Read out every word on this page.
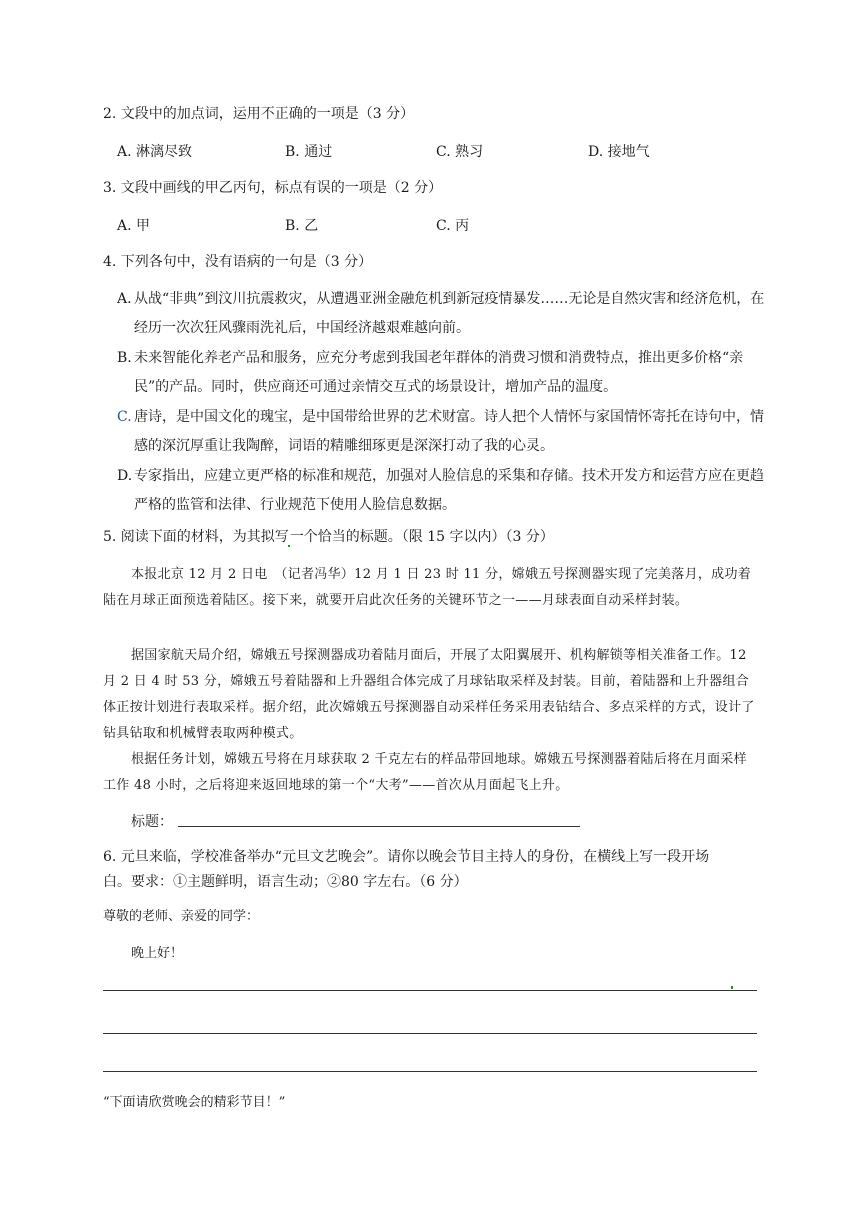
2. 文段中的加点词，运用不正确的一项是（3 分）
A. 淋漓尽致	B. 通过	C. 熟习	D. 接地气
3. 文段中画线的甲乙丙句，标点有误的一项是（2 分）
A. 甲	B. 乙	C. 丙
4. 下列各句中，没有语病的一句是（3 分）
A. 从战“非典”到汶川抗震救灾，从遭遇亚洲金融危机到新冠疫情暴发……无论是自然灾害和经济危机，在经历一次次狂风骤雨洗礼后，中国经济越艰难越向前。
B. 未来智能化养老产品和服务，应充分考虑到我国老年群体的消费习惯和消费特点，推出更多价格“亲民”的产品。同时，供应商还可通过亲情交互式的场景设计，增加产品的温度。
C. 唐诗，是中国文化的瑰宝，是中国带给世界的艺术财富。诗人把个人情怀与家国情怀寄托在诗句中，情感的深沉厚重让我陶醉，词语的精雕细琢更是深深打动了我的心灵。
D. 专家指出，应建立更严格的标准和规范，加强对人脸信息的采集和存储。技术开发方和运营方应在更趋严格的监管和法律、行业规范下使用人脸信息数据。
5. 阅读下面的材料，为其拟写一个恰当的标题。（限 15 字以内）（3 分）
本报北京 12 月 2 日电　（记者冯华）12 月 1 日 23 时 11 分，嫦娥五号探测器实现了完美落月，成功着陆在月球正面预选着陆区。接下来，就要开启此次任务的关键环节之一——月球表面自动采样封装。
据国家航天局介绍，嫦娥五号探测器成功着陆月面后，开展了太阳翼展开、机构解锁等相关准备工作。12 月 2 日 4 时 53 分，嫦娥五号着陆器和上升器组合体完成了月球钻取采样及封装。目前，着陆器和上升器组合体正按计划进行表取采样。据介绍，此次嫦娥五号探测器自动采样任务采用表钻结合、多点采样的方式，设计了钻具钻取和机械臂表取两种模式。
根据任务计划，嫦娥五号将在月球获取 2 千克左右的样品带回地球。嫦娥五号探测器着陆后将在月面采样工作 48 小时，之后将迎来返回地球的第一个“大考”——首次从月面起飞上升。
标题：
6. 元旦来临，学校准备举办“元旦文艺晚会”。请你以晚会节目主持人的身份，在横线上写一段开场
白。要求：①主题鲜明，语言生动；②80 字左右。（6 分）
尊敬的老师、亲爱的同学：
晚上好！
“下面请欣赏晚会的精彩节目！”
